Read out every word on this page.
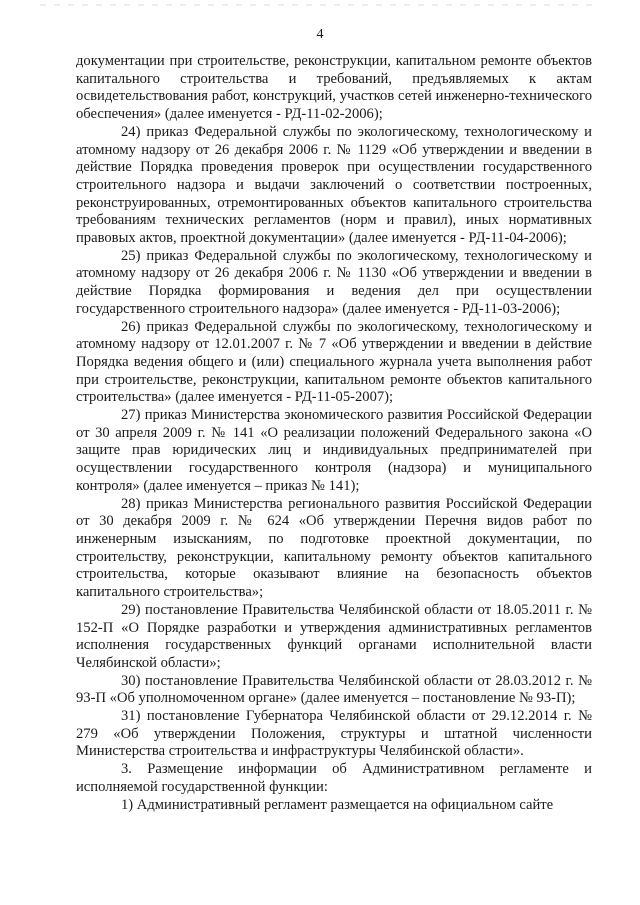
4

документации при строительстве, реконструкции, капитальном ремонте объектов капитального строительства и требований, предъявляемых к актам освидетельствования работ, конструкций, участков сетей инженерно-технического обеспечения» (далее именуется - РД-11-02-2006);

24) приказ Федеральной службы по экологическому, технологическому и атомному надзору от 26 декабря 2006 г. № 1129 «Об утверждении и введении в действие Порядка проведения проверок при осуществлении государственного строительного надзора и выдачи заключений о соответствии построенных, реконструированных, отремонтированных объектов капитального строительства требованиям технических регламентов (норм и правил), иных нормативных правовых актов, проектной документации» (далее именуется - РД-11-04-2006);

25) приказ Федеральной службы по экологическому, технологическому и атомному надзору от 26 декабря 2006 г. № 1130 «Об утверждении и введении в действие Порядка формирования и ведения дел при осуществлении государственного строительного надзора» (далее именуется - РД-11-03-2006);

26) приказ Федеральной службы по экологическому, технологическому и атомному надзору от 12.01.2007 г. № 7 «Об утверждении и введении в действие Порядка ведения общего и (или) специального журнала учета выполнения работ при строительстве, реконструкции, капитальном ремонте объектов капитального строительства» (далее именуется - РД-11-05-2007);

27) приказ Министерства экономического развития Российской Федерации от 30 апреля 2009 г. № 141 «О реализации положений Федерального закона «О защите прав юридических лиц и индивидуальных предпринимателей при осуществлении государственного контроля (надзора) и муниципального контроля» (далее именуется – приказ № 141);

28) приказ Министерства регионального развития Российской Федерации от 30 декабря 2009 г. № 624 «Об утверждении Перечня видов работ по инженерным изысканиям, по подготовке проектной документации, по строительству, реконструкции, капитальному ремонту объектов капитального строительства, которые оказывают влияние на безопасность объектов капитального строительства»;

29) постановление Правительства Челябинской области от 18.05.2011 г. № 152-П «О Порядке разработки и утверждения административных регламентов исполнения государственных функций органами исполнительной власти Челябинской области»;

30) постановление Правительства Челябинской области от 28.03.2012 г. № 93-П «Об уполномоченном органе» (далее именуется – постановление № 93-П);

31) постановление Губернатора Челябинской области от 29.12.2014 г. № 279 «Об утверждении Положения, структуры и штатной численности Министерства строительства и инфраструктуры Челябинской области».

3. Размещение информации об Административном регламенте и исполняемой государственной функции:

1) Административный регламент размещается на официальном сайте
